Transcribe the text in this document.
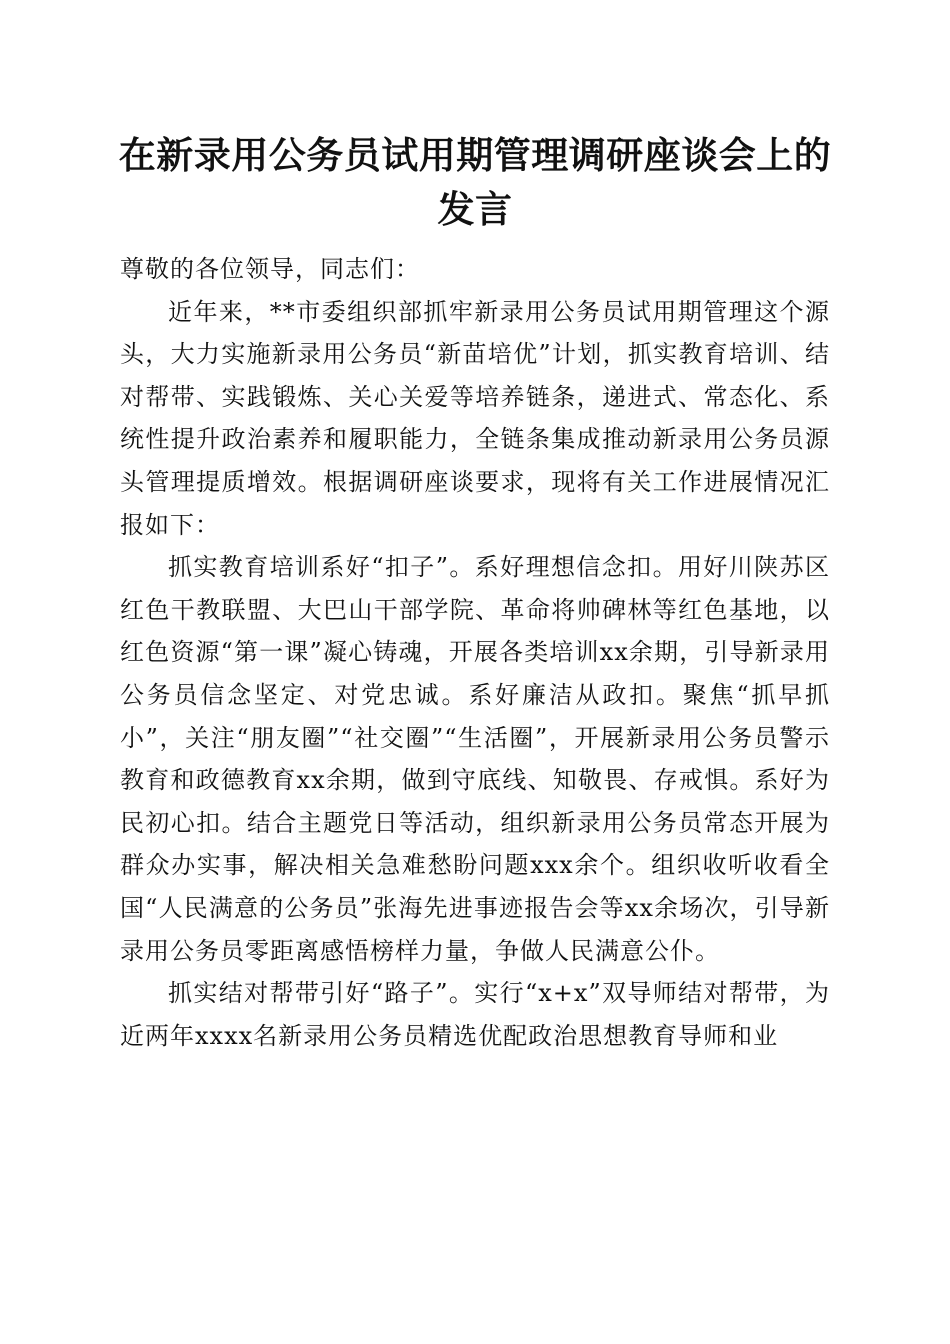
在新录用公务员试用期管理调研座谈会上的发言

尊敬的各位领导，同志们：

近年来，**市委组织部抓牢新录用公务员试用期管理这个源头，大力实施新录用公务员“新苗培优”计划，抓实教育培训、结对帮带、实践锻炼、关心关爱等培养链条，递进式、常态化、系统性提升政治素养和履职能力，全链条集成推动新录用公务员源头管理提质增效。根据调研座谈要求，现将有关工作进展情况汇报如下：

抓实教育培训系好“扣子”。系好理想信念扣。用好川陕苏区红色干教联盟、大巴山干部学院、革命将帅碑林等红色基地，以红色资源“第一课”凝心铸魂，开展各类培训xx余期，引导新录用公务员信念坚定、对党忠诚。系好廉洁从政扣。聚焦“抓早抓小”，关注“朋友圈”“社交圈”“生活圈”，开展新录用公务员警示教育和政德教育xx余期，做到守底线、知敬畏、存戒惧。系好为民初心扣。结合主题党日等活动，组织新录用公务员常态开展为群众办实事，解决相关急难愁盼问题xxx余个。组织收听收看全国“人民满意的公务员”张海先进事迹报告会等xx余场次，引导新录用公务员零距离感悟榜样力量，争做人民满意公仆。

抓实结对帮带引好“路子”。实行“x+x”双导师结对帮带，为近两年xxxx名新录用公务员精选优配政治思想教育导师和业
